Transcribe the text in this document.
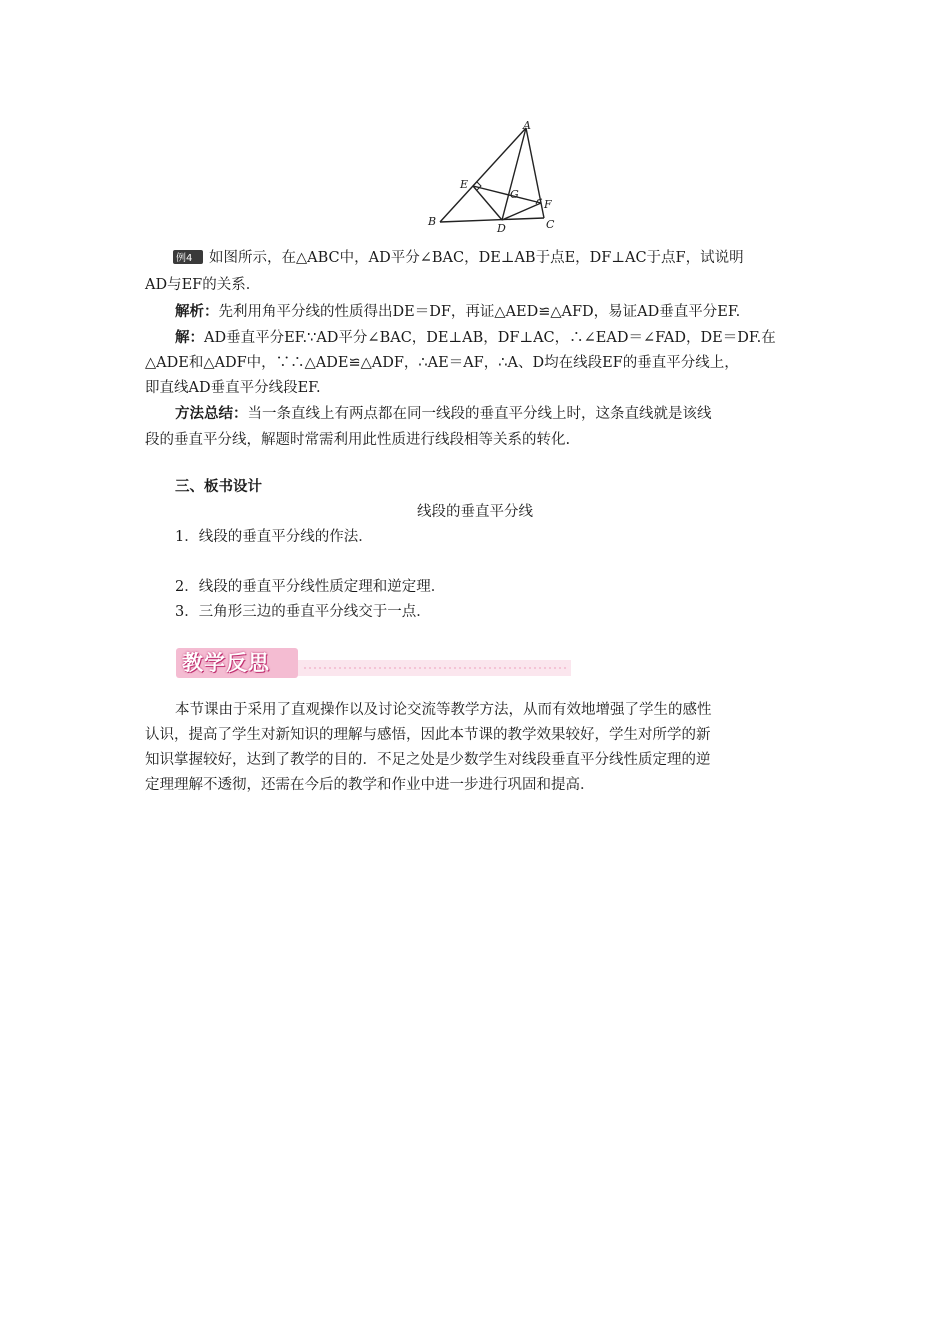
A
B	C
D
E
F
G
例4 如图所示，在△ABC中，AD平分∠BAC，DE⊥AB于点E，DF⊥AC于点F，试说明
AD与EF的关系．
解析：先利用角平分线的性质得出DE＝DF，再证△AED≌△AFD，易证AD垂直平分EF.
解：AD垂直平分EF.∵AD平分∠BAC，DE⊥AB，DF⊥AC，∴∠EAD＝∠FAD，DE＝DF.在
△ADE和△ADF中，∵∴△ADE≌△ADF，∴AE＝AF，∴A、D均在线段EF的垂直平分线上，
即直线AD垂直平分线段EF.
方法总结：当一条直线上有两点都在同一线段的垂直平分线上时，这条直线就是该线
段的垂直平分线，解题时常需利用此性质进行线段相等关系的转化.
三、板书设计
线段的垂直平分线
1．线段的垂直平分线的作法．
2．线段的垂直平分线性质定理和逆定理．
3．三角形三边的垂直平分线交于一点．
教学反思
本节课由于采用了直观操作以及讨论交流等教学方法，从而有效地增强了学生的感性
认识，提高了学生对新知识的理解与感悟，因此本节课的教学效果较好，学生对所学的新
知识掌握较好，达到了教学的目的．不足之处是少数学生对线段垂直平分线性质定理的逆
定理理解不透彻，还需在今后的教学和作业中进一步进行巩固和提高．
